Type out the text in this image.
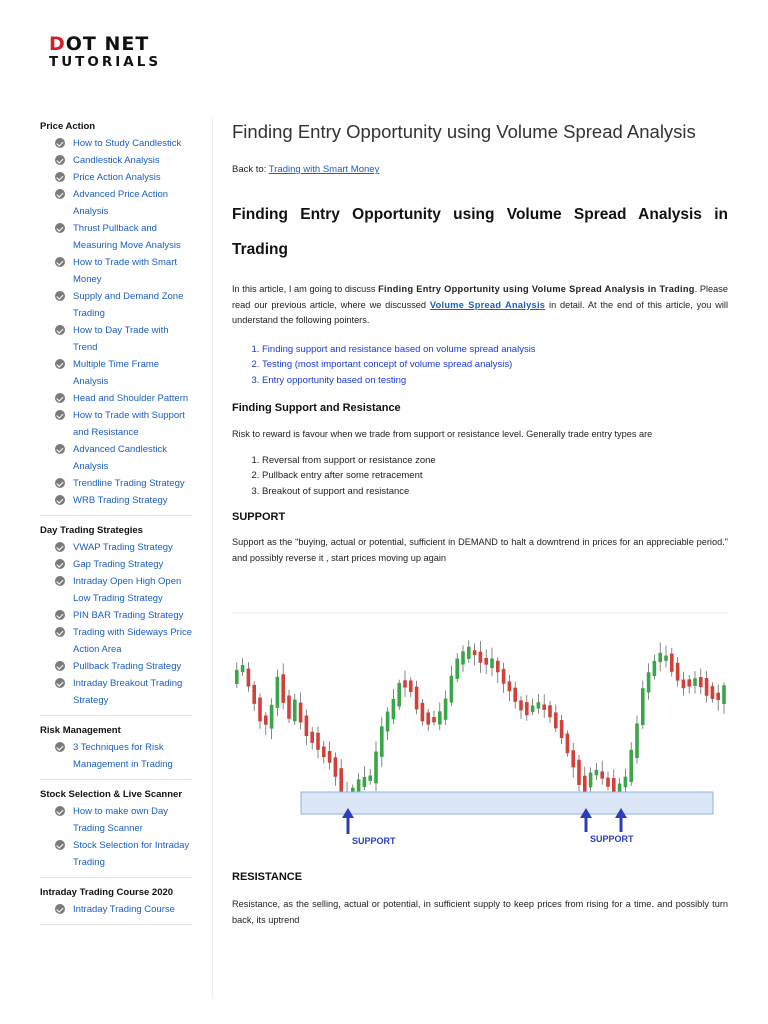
DOT NET
TUTORIALS
Price Action
How to Study Candlestick
Candlestick Analysis
Price Action Analysis
Advanced Price Action Analysis
Thrust Pullback and Measuring Move Analysis
How to Trade with Smart Money
Supply and Demand Zone Trading
How to Day Trade with Trend
Multiple Time Frame Analysis
Head and Shoulder Pattern
How to Trade with Support and Resistance
Advanced Candlestick Analysis
Trendline Trading Strategy
WRB Trading Strategy
Day Trading Strategies
VWAP Trading Strategy
Gap Trading Strategy
Intraday Open High Open Low Trading Strategy
PIN BAR Trading Strategy
Trading with Sideways Price Action Area
Pullback Trading Strategy
Intraday Breakout Trading Strategy
Risk Management
3 Techniques for Risk Management in Trading
Stock Selection & Live Scanner
How to make own Day Trading Scanner
Stock Selection for Intraday Trading
Intraday Trading Course 2020
Intraday Trading Course
Finding Entry Opportunity using Volume Spread Analysis
Back to: Trading with Smart Money
Finding Entry Opportunity using Volume Spread Analysis in
Trading

In this article, I am going to discuss Finding Entry Opportunity using Volume Spread Analysis in Trading. Please read our previous article, where we discussed Volume Spread Analysis in detail. At the end of this article, you will understand the following pointers.

1. Finding support and resistance based on volume spread analysis
2. Testing (most important concept of volume spread analysis)
3. Entry opportunity based on testing
Finding Support and Resistance

Risk to reward is favour when we trade from support or resistance level. Generally trade entry types are

1. Reversal from support or resistance zone
2. Pullback entry after some retracement
3. Breakout of support and resistance
SUPPORT

Support as the "buying, actual or potential, sufficient in DEMAND to halt a downtrend in prices for an appreciable period." and possibly reverse it , start prices moving up again

SUPPORT	SUPPORT
RESISTANCE

Resistance, as the selling, actual or potential, in sufficient supply to keep prices from rising for a time. and possibly turn back, its uptrend
